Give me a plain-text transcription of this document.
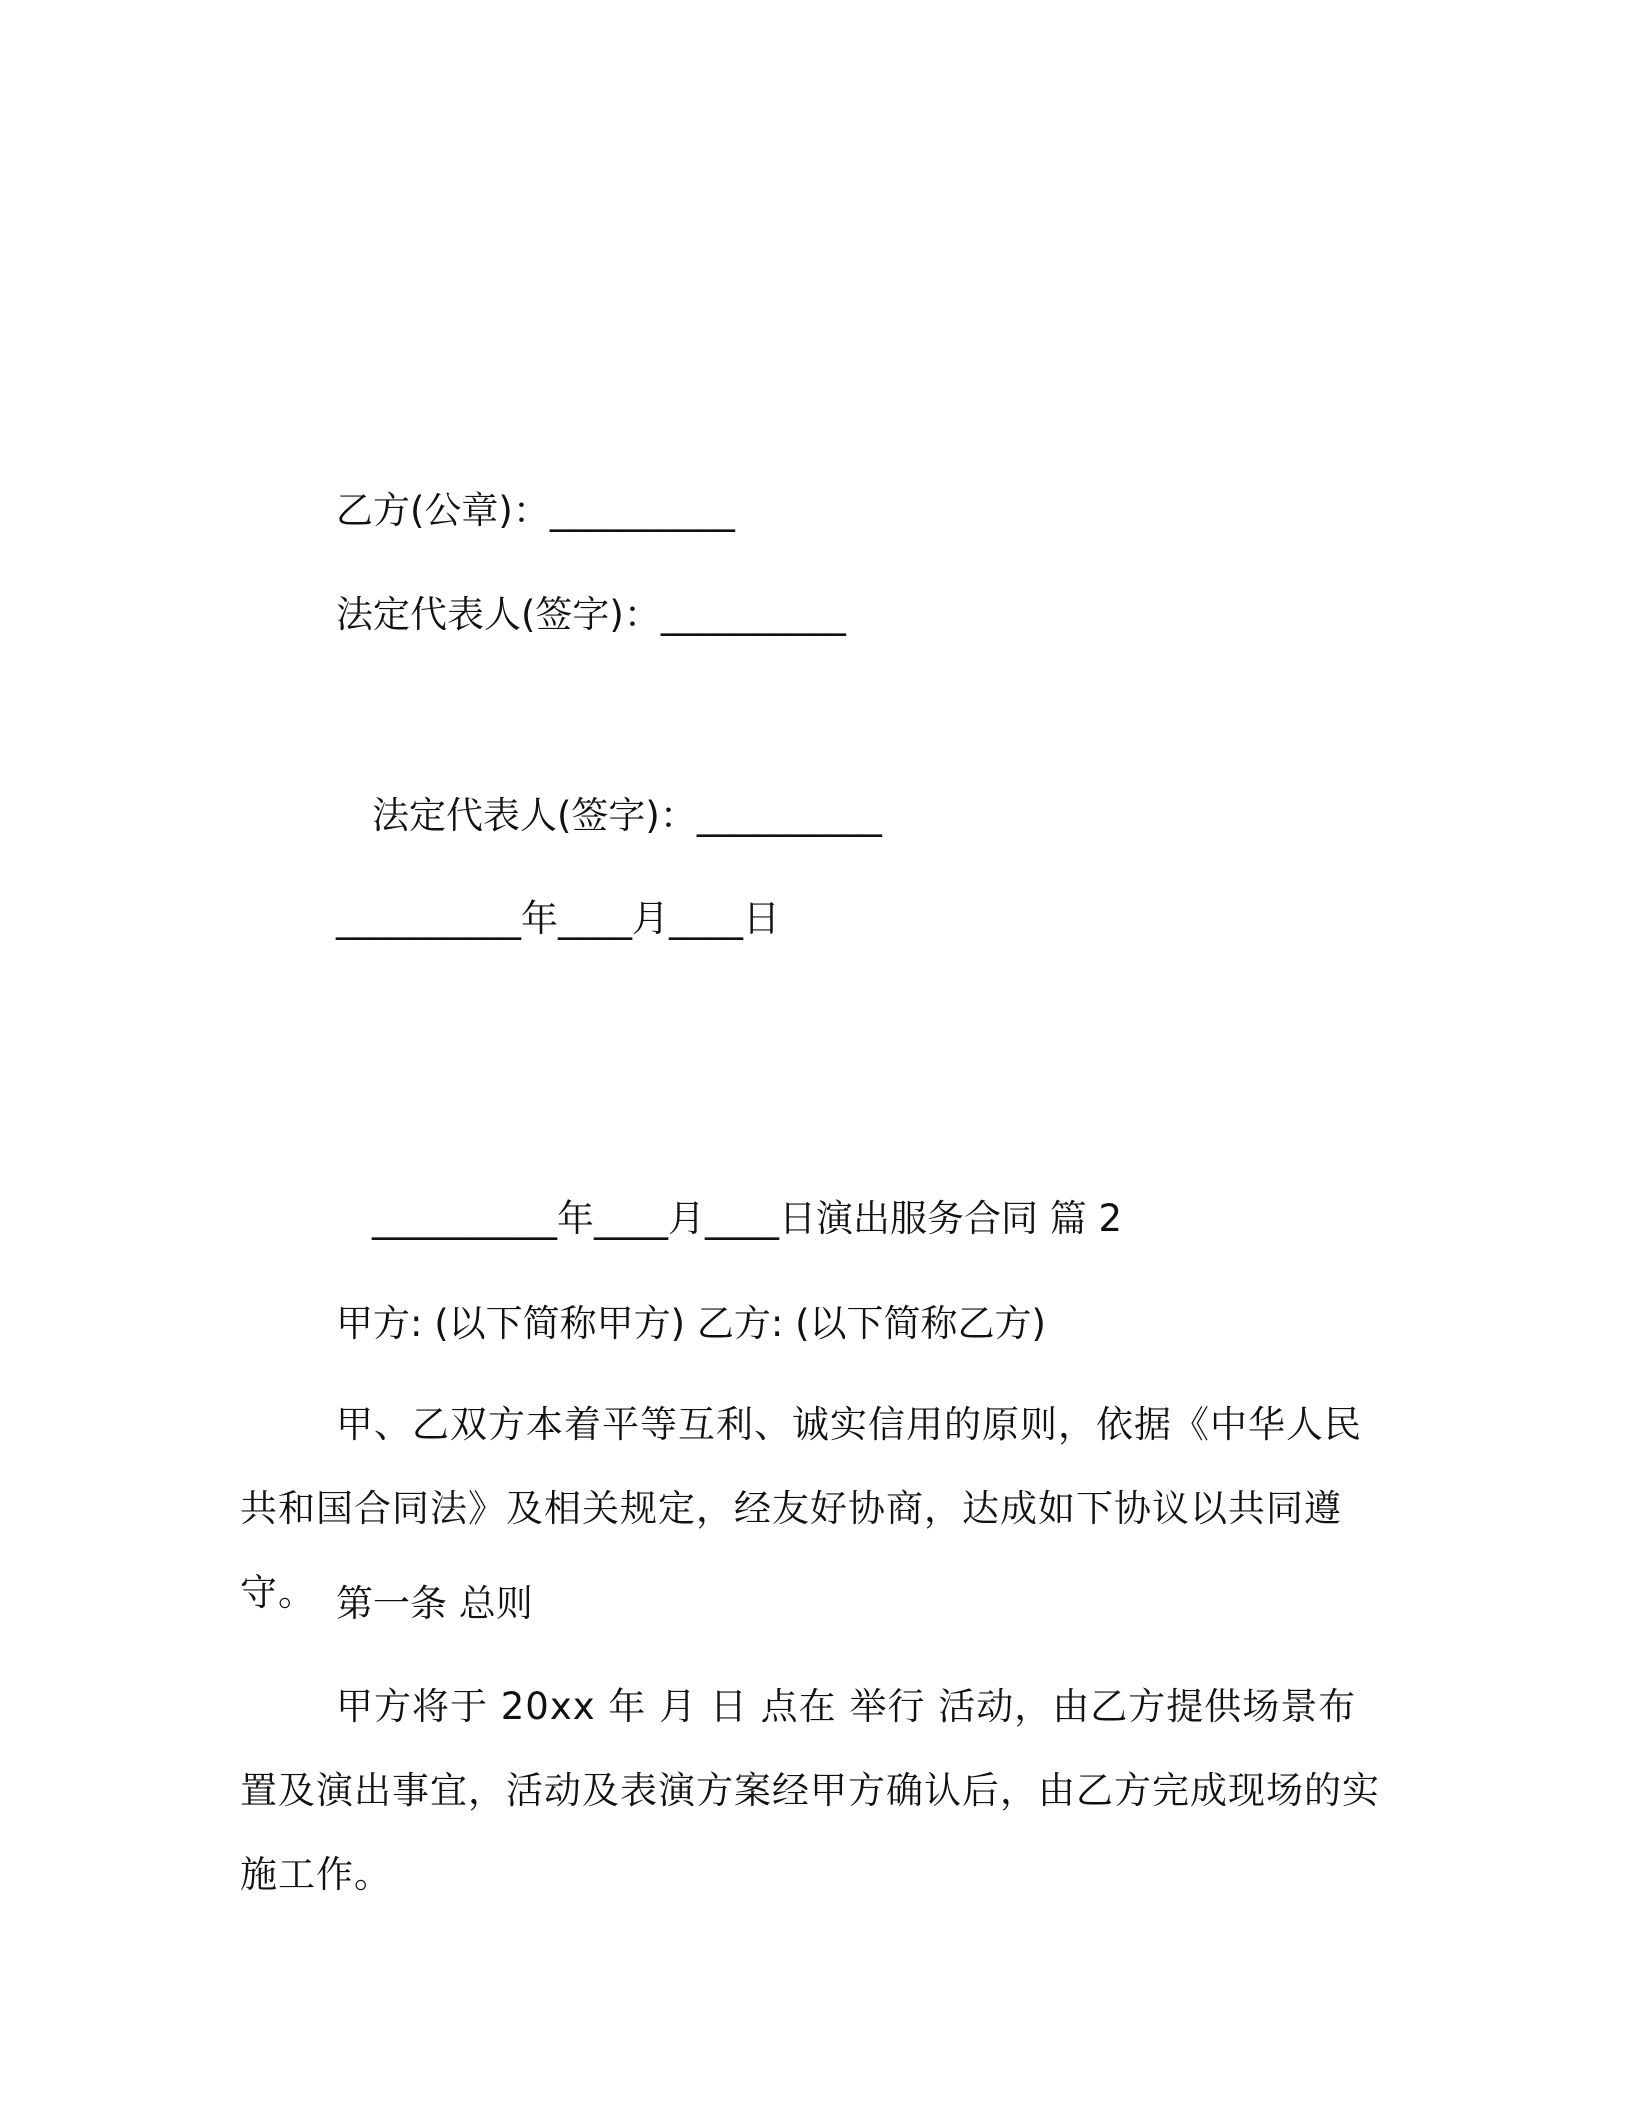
乙方(公章)：__________

法定代表人(签字)：__________

法定代表人(签字)：__________

__________年____月____日

__________年____月____日演出服务合同 篇 2

甲方: (以下简称甲方) 乙方: (以下简称乙方)

甲、乙双方本着平等互利、诚实信用的原则，依据《中华人民共和国合同法》及相关规定，经友好协商，达成如下协议以共同遵守。 第一条 总则

甲方将于 20xx 年 月 日 点在 举行 活动，由乙方提供场景布置及演出事宜，活动及表演方案经甲方确认后，由乙方完成现场的实施工作。
